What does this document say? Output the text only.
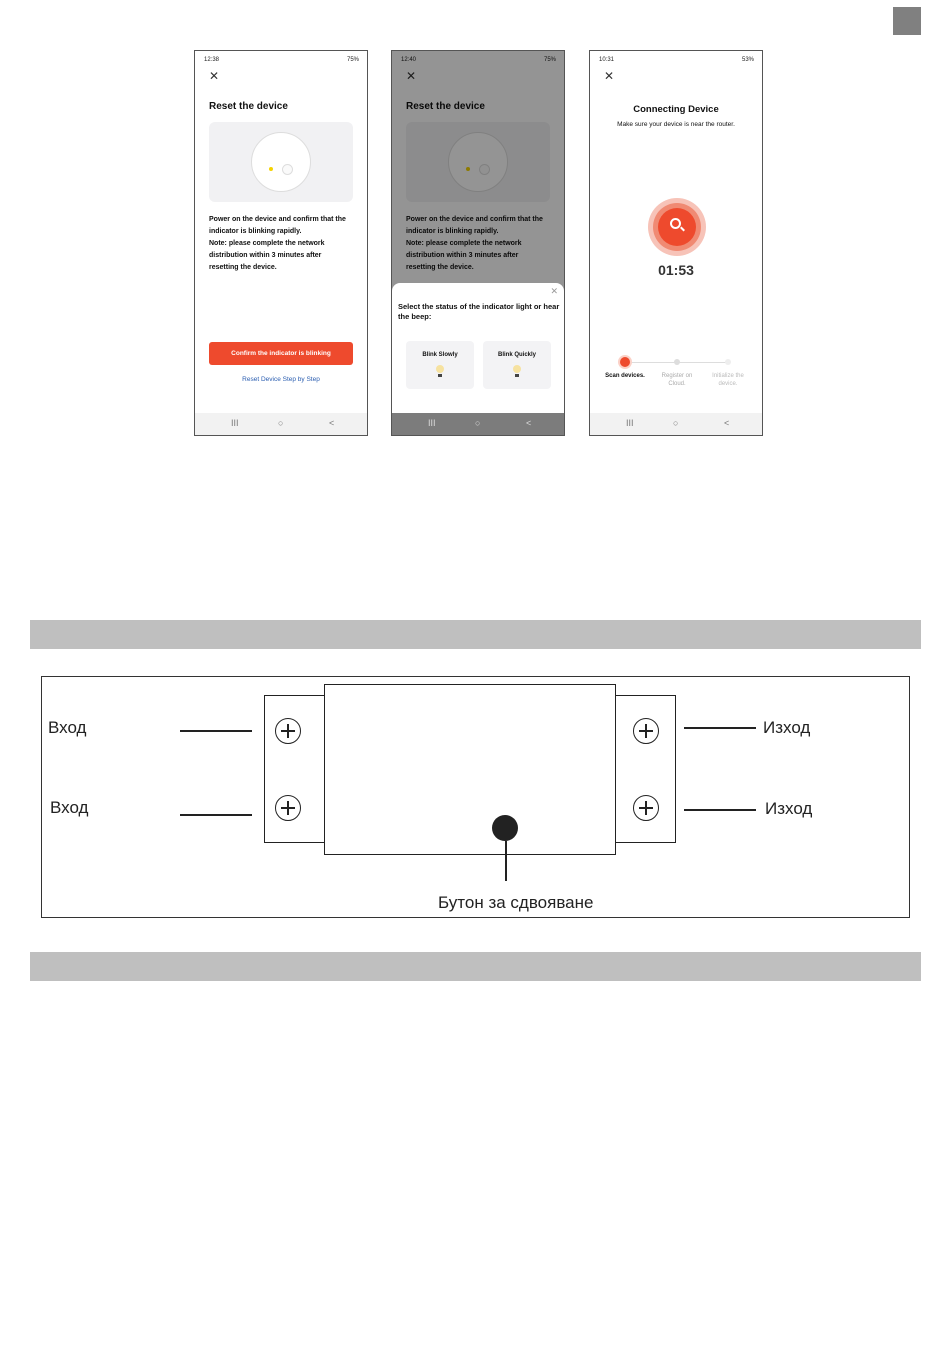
12:38	75%
✕
Reset the device
Power on the device and confirm that the
indicator is blinking rapidly.
Note: please complete the network
distribution within 3 minutes after
resetting the device.
Confirm the indicator is blinking
Reset Device Step by Step
III	○	<
12:40	75%
✕
Reset the device
Power on the device and confirm that the
indicator is blinking rapidly.
Note: please complete the network
distribution within 3 minutes after
resetting the device.
✕
Select the status of the indicator light or hear the beep:
Blink Slowly	Blink Quickly
III	○	<
10:31	53%
✕
Connecting Device
Make sure your device is near the router.
01:53
Scan devices.	Register on Cloud.
Initialize the device.
III	○	<
Вход
Вход
Изход
Изход
Бутон за сдвояване
